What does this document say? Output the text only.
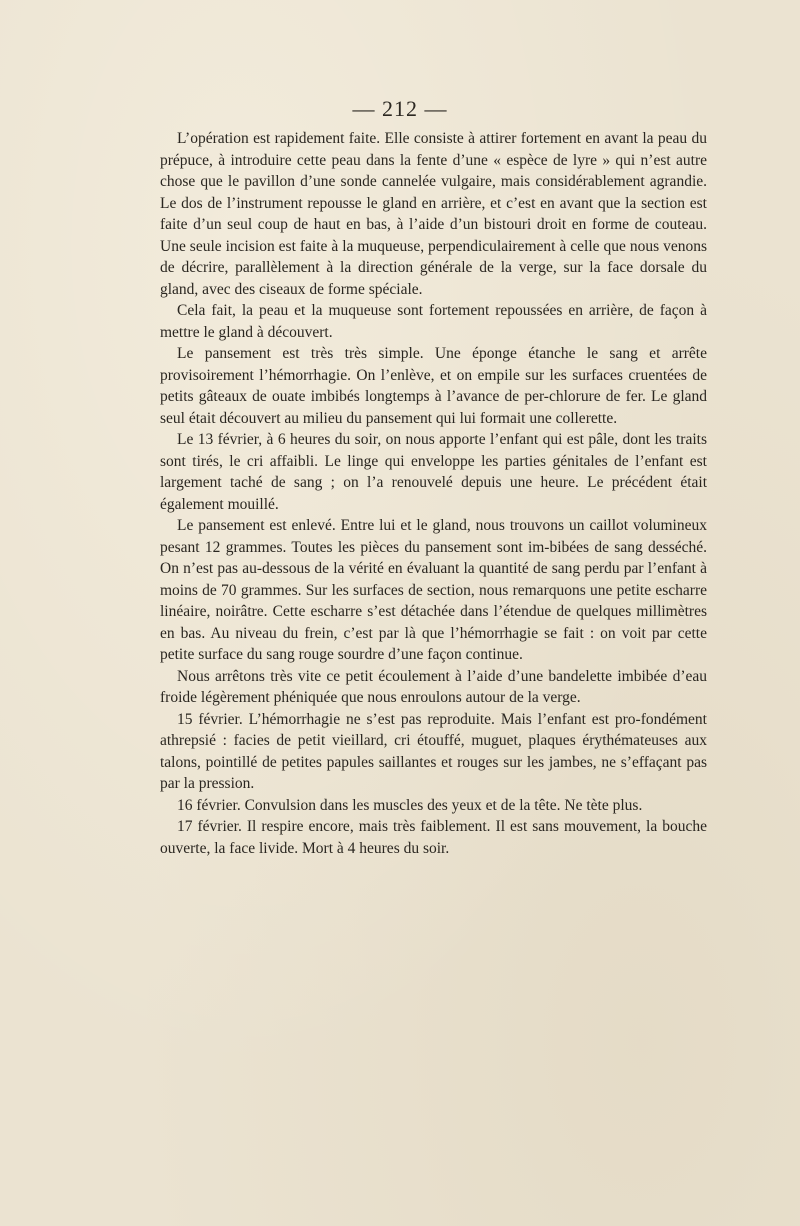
— 212 —

L’opération est rapidement faite. Elle consiste à attirer fortement en avant la peau du prépuce, à introduire cette peau dans la fente d’une « espèce de lyre » qui n’est autre chose que le pavillon d’une sonde cannelée vulgaire, mais considérablement agrandie. Le dos de l’instrument repousse le gland en arrière, et c’est en avant que la section est faite d’un seul coup de haut en bas, à l’aide d’un bistouri droit en forme de couteau. Une seule incision est faite à la muqueuse, perpendiculairement à celle que nous venons de décrire, parallèlement à la direction générale de la verge, sur la face dorsale du gland, avec des ciseaux de forme spéciale.

Cela fait, la peau et la muqueuse sont fortement repoussées en arrière, de façon à mettre le gland à découvert.

Le pansement est très très simple. Une éponge étanche le sang et arrête provisoirement l’hémorrhagie. On l’enlève, et on empile sur les surfaces cruentées de petits gâteaux de ouate imbibés longtemps à l’avance de per-chlorure de fer. Le gland seul était découvert au milieu du pansement qui lui formait une collerette.

Le 13 février, à 6 heures du soir, on nous apporte l’enfant qui est pâle, dont les traits sont tirés, le cri affaibli. Le linge qui enveloppe les parties génitales de l’enfant est largement taché de sang ; on l’a renouvelé depuis une heure. Le précédent était également mouillé.

Le pansement est enlevé. Entre lui et le gland, nous trouvons un caillot volumineux pesant 12 grammes. Toutes les pièces du pansement sont im-bibées de sang desséché. On n’est pas au-dessous de la vérité en évaluant la quantité de sang perdu par l’enfant à moins de 70 grammes. Sur les surfaces de section, nous remarquons une petite escharre linéaire, noirâtre. Cette escharre s’est détachée dans l’étendue de quelques millimètres en bas. Au niveau du frein, c’est par là que l’hémorrhagie se fait : on voit par cette petite surface du sang rouge sourdre d’une façon continue.

Nous arrêtons très vite ce petit écoulement à l’aide d’une bandelette imbibée d’eau froide légèrement phéniquée que nous enroulons autour de la verge.

15 février. L’hémorrhagie ne s’est pas reproduite. Mais l’enfant est pro-fondément athrepsié : facies de petit vieillard, cri étouffé, muguet, plaques érythémateuses aux talons, pointillé de petites papules saillantes et rouges sur les jambes, ne s’effaçant pas par la pression.

16 février. Convulsion dans les muscles des yeux et de la tête. Ne tète plus.

17 février. Il respire encore, mais très faiblement. Il est sans mouvement, la bouche ouverte, la face livide. Mort à 4 heures du soir.
